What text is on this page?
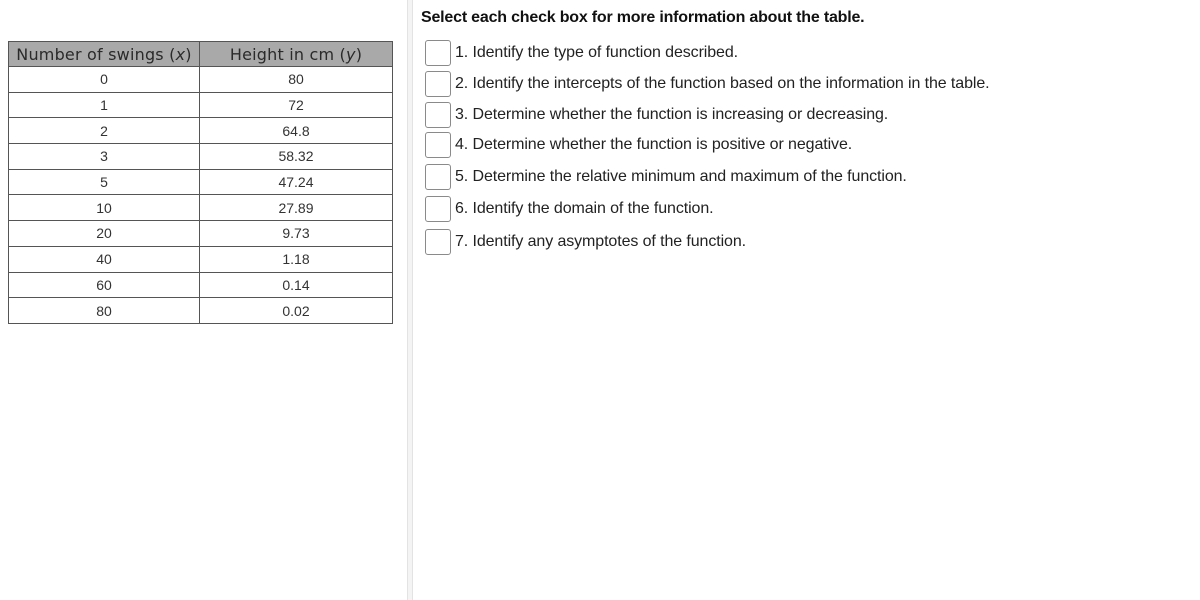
Number of swings (x)	Height in cm (y)
0	80
1	72
2	64.8
3	58.32
5	47.24
10	27.89
20	9.73
40	1.18
60	0.14
80	0.02

Select each check box for more information about the table.

1. Identify the type of function described.
2. Identify the intercepts of the function based on the information in the table.
3. Determine whether the function is increasing or decreasing.
4. Determine whether the function is positive or negative.
5. Determine the relative minimum and maximum of the function.
6. Identify the domain of the function.
7. Identify any asymptotes of the function.
